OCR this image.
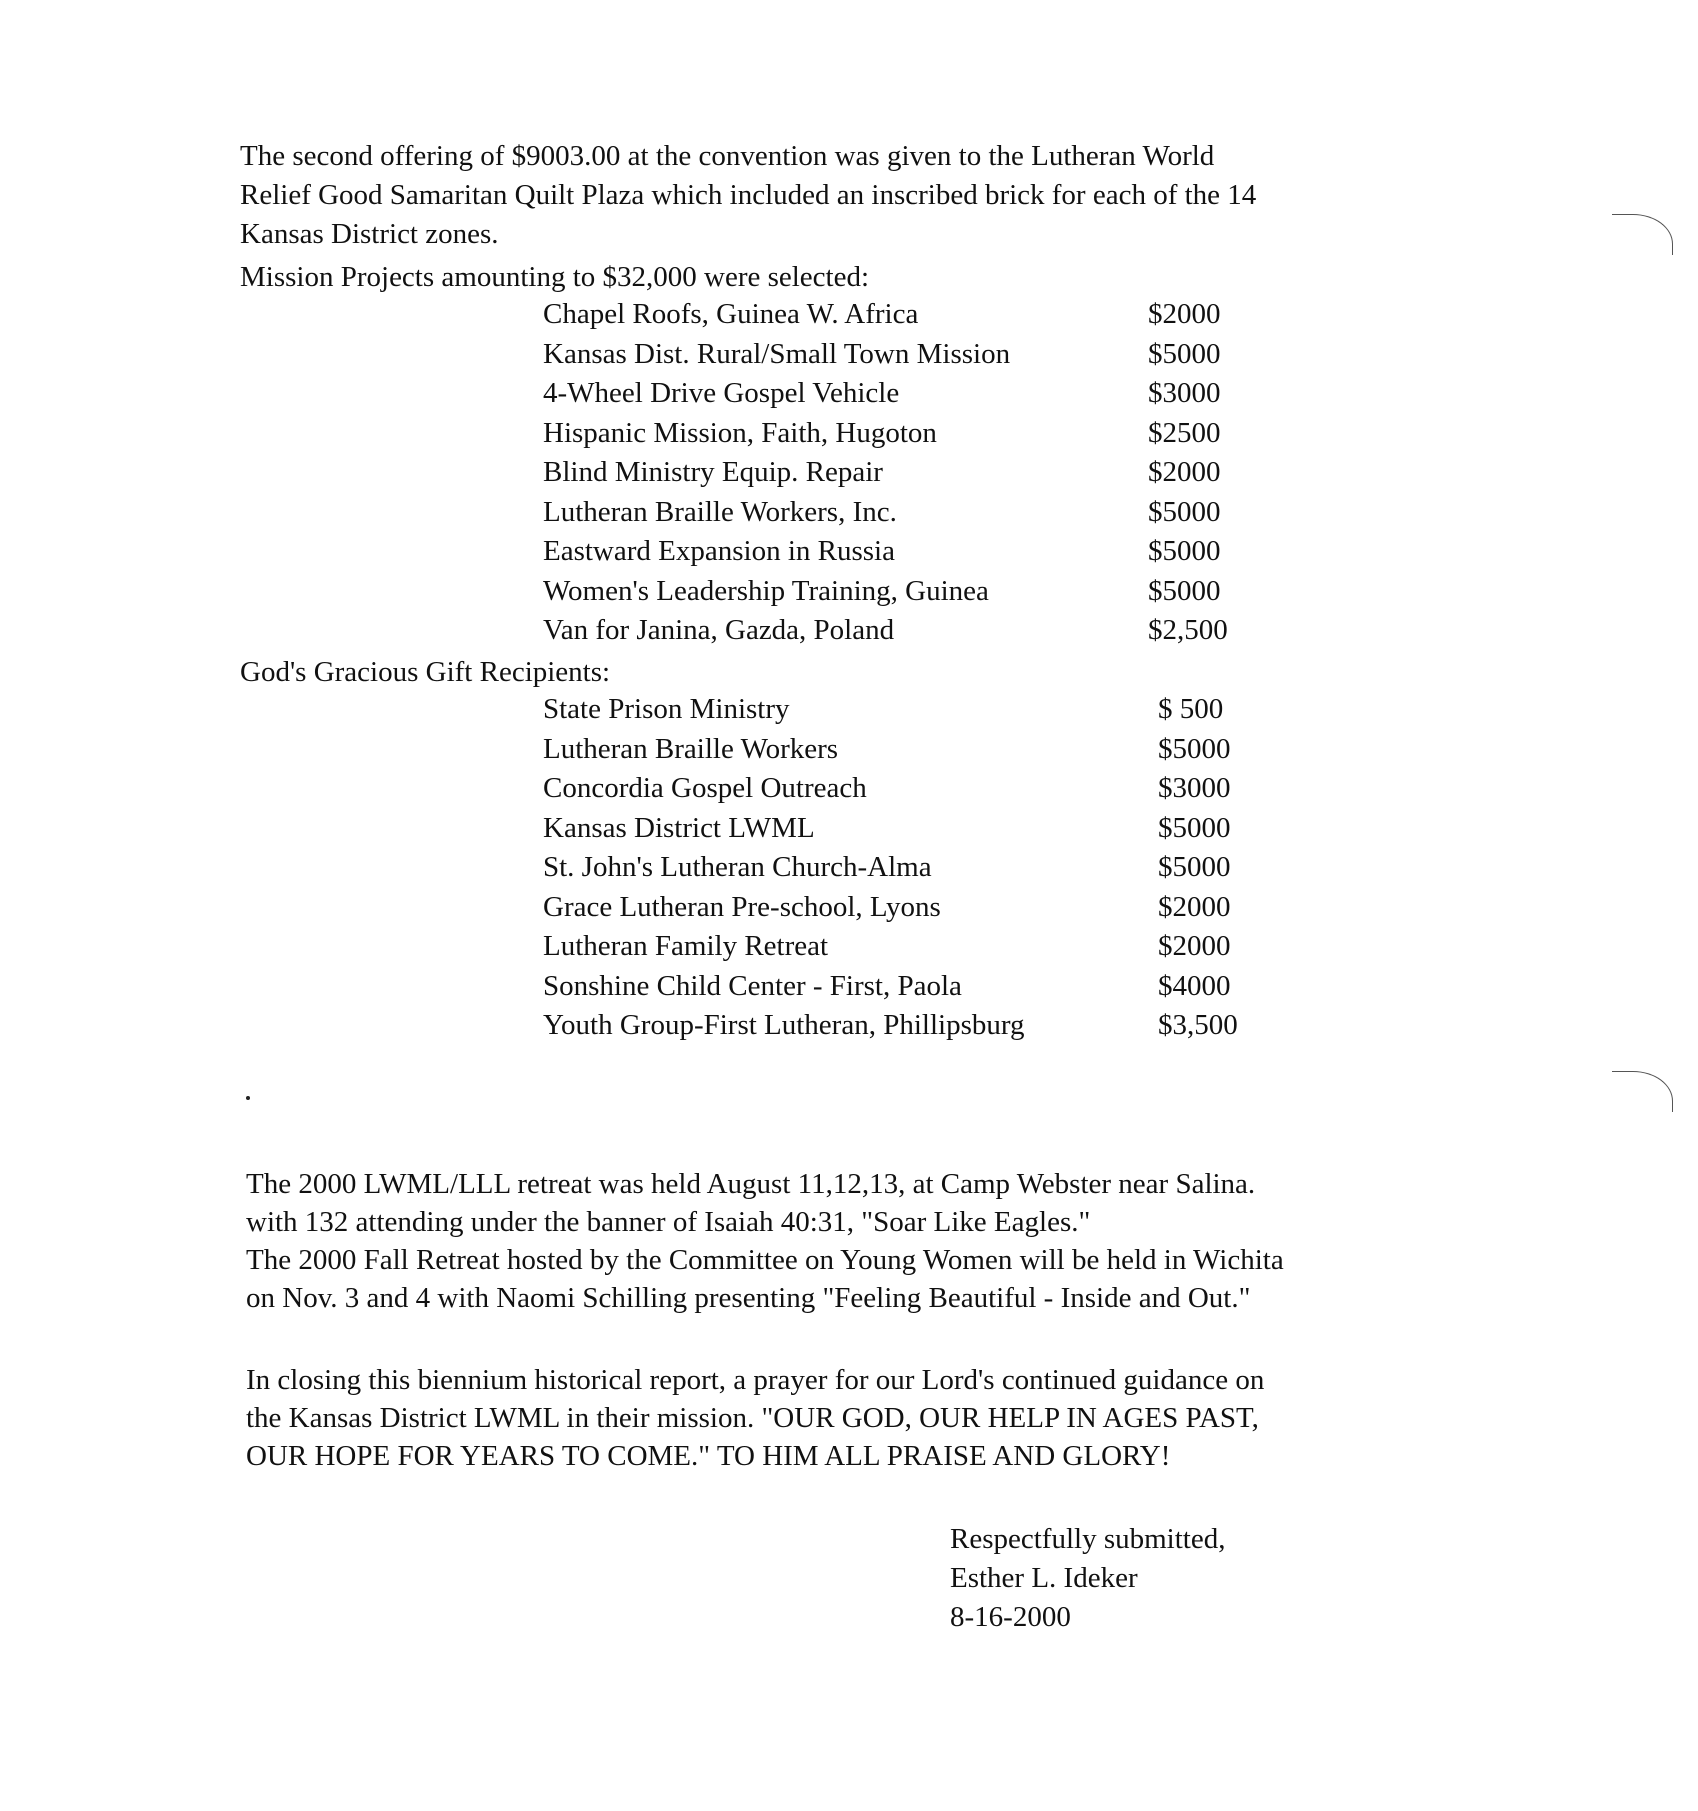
The second offering of $9003.00 at the convention was given to the Lutheran World
Relief Good Samaritan Quilt Plaza which included an inscribed brick for each of the 14
Kansas District zones.
Mission Projects amounting to $32,000 were selected:
Chapel Roofs, Guinea W. Africa	$2000
Kansas Dist. Rural/Small Town Mission	$5000
4-Wheel Drive Gospel Vehicle	$3000
Hispanic Mission, Faith, Hugoton	$2500
Blind Ministry Equip. Repair	$2000
Lutheran Braille Workers, Inc.	$5000
Eastward Expansion in Russia	$5000
Women's Leadership Training, Guinea	$5000
Van for Janina, Gazda, Poland	$2,500
God's Gracious Gift Recipients:
State Prison Ministry	$ 500
Lutheran Braille Workers	$5000
Concordia Gospel Outreach	$3000
Kansas District LWML	$5000
St. John's Lutheran Church-Alma	$5000
Grace Lutheran Pre-school, Lyons	$2000
Lutheran Family Retreat	$2000
Sonshine Child Center - First, Paola	$4000
Youth Group-First Lutheran, Phillipsburg	$3,500
The 2000 LWML/LLL retreat was held August 11,12,13, at Camp Webster near Salina.
with 132 attending under the banner of Isaiah 40:31, "Soar Like Eagles."
The 2000 Fall Retreat hosted by the Committee on Young Women will be held in Wichita
on Nov. 3 and 4 with Naomi Schilling presenting "Feeling Beautiful - Inside and Out."
In closing this biennium historical report, a prayer for our Lord's continued guidance on
the Kansas District LWML in their mission. "OUR GOD, OUR HELP IN AGES PAST,
OUR HOPE FOR YEARS TO COME." TO HIM ALL PRAISE AND GLORY!
Respectfully submitted,
Esther L. Ideker
8-16-2000
